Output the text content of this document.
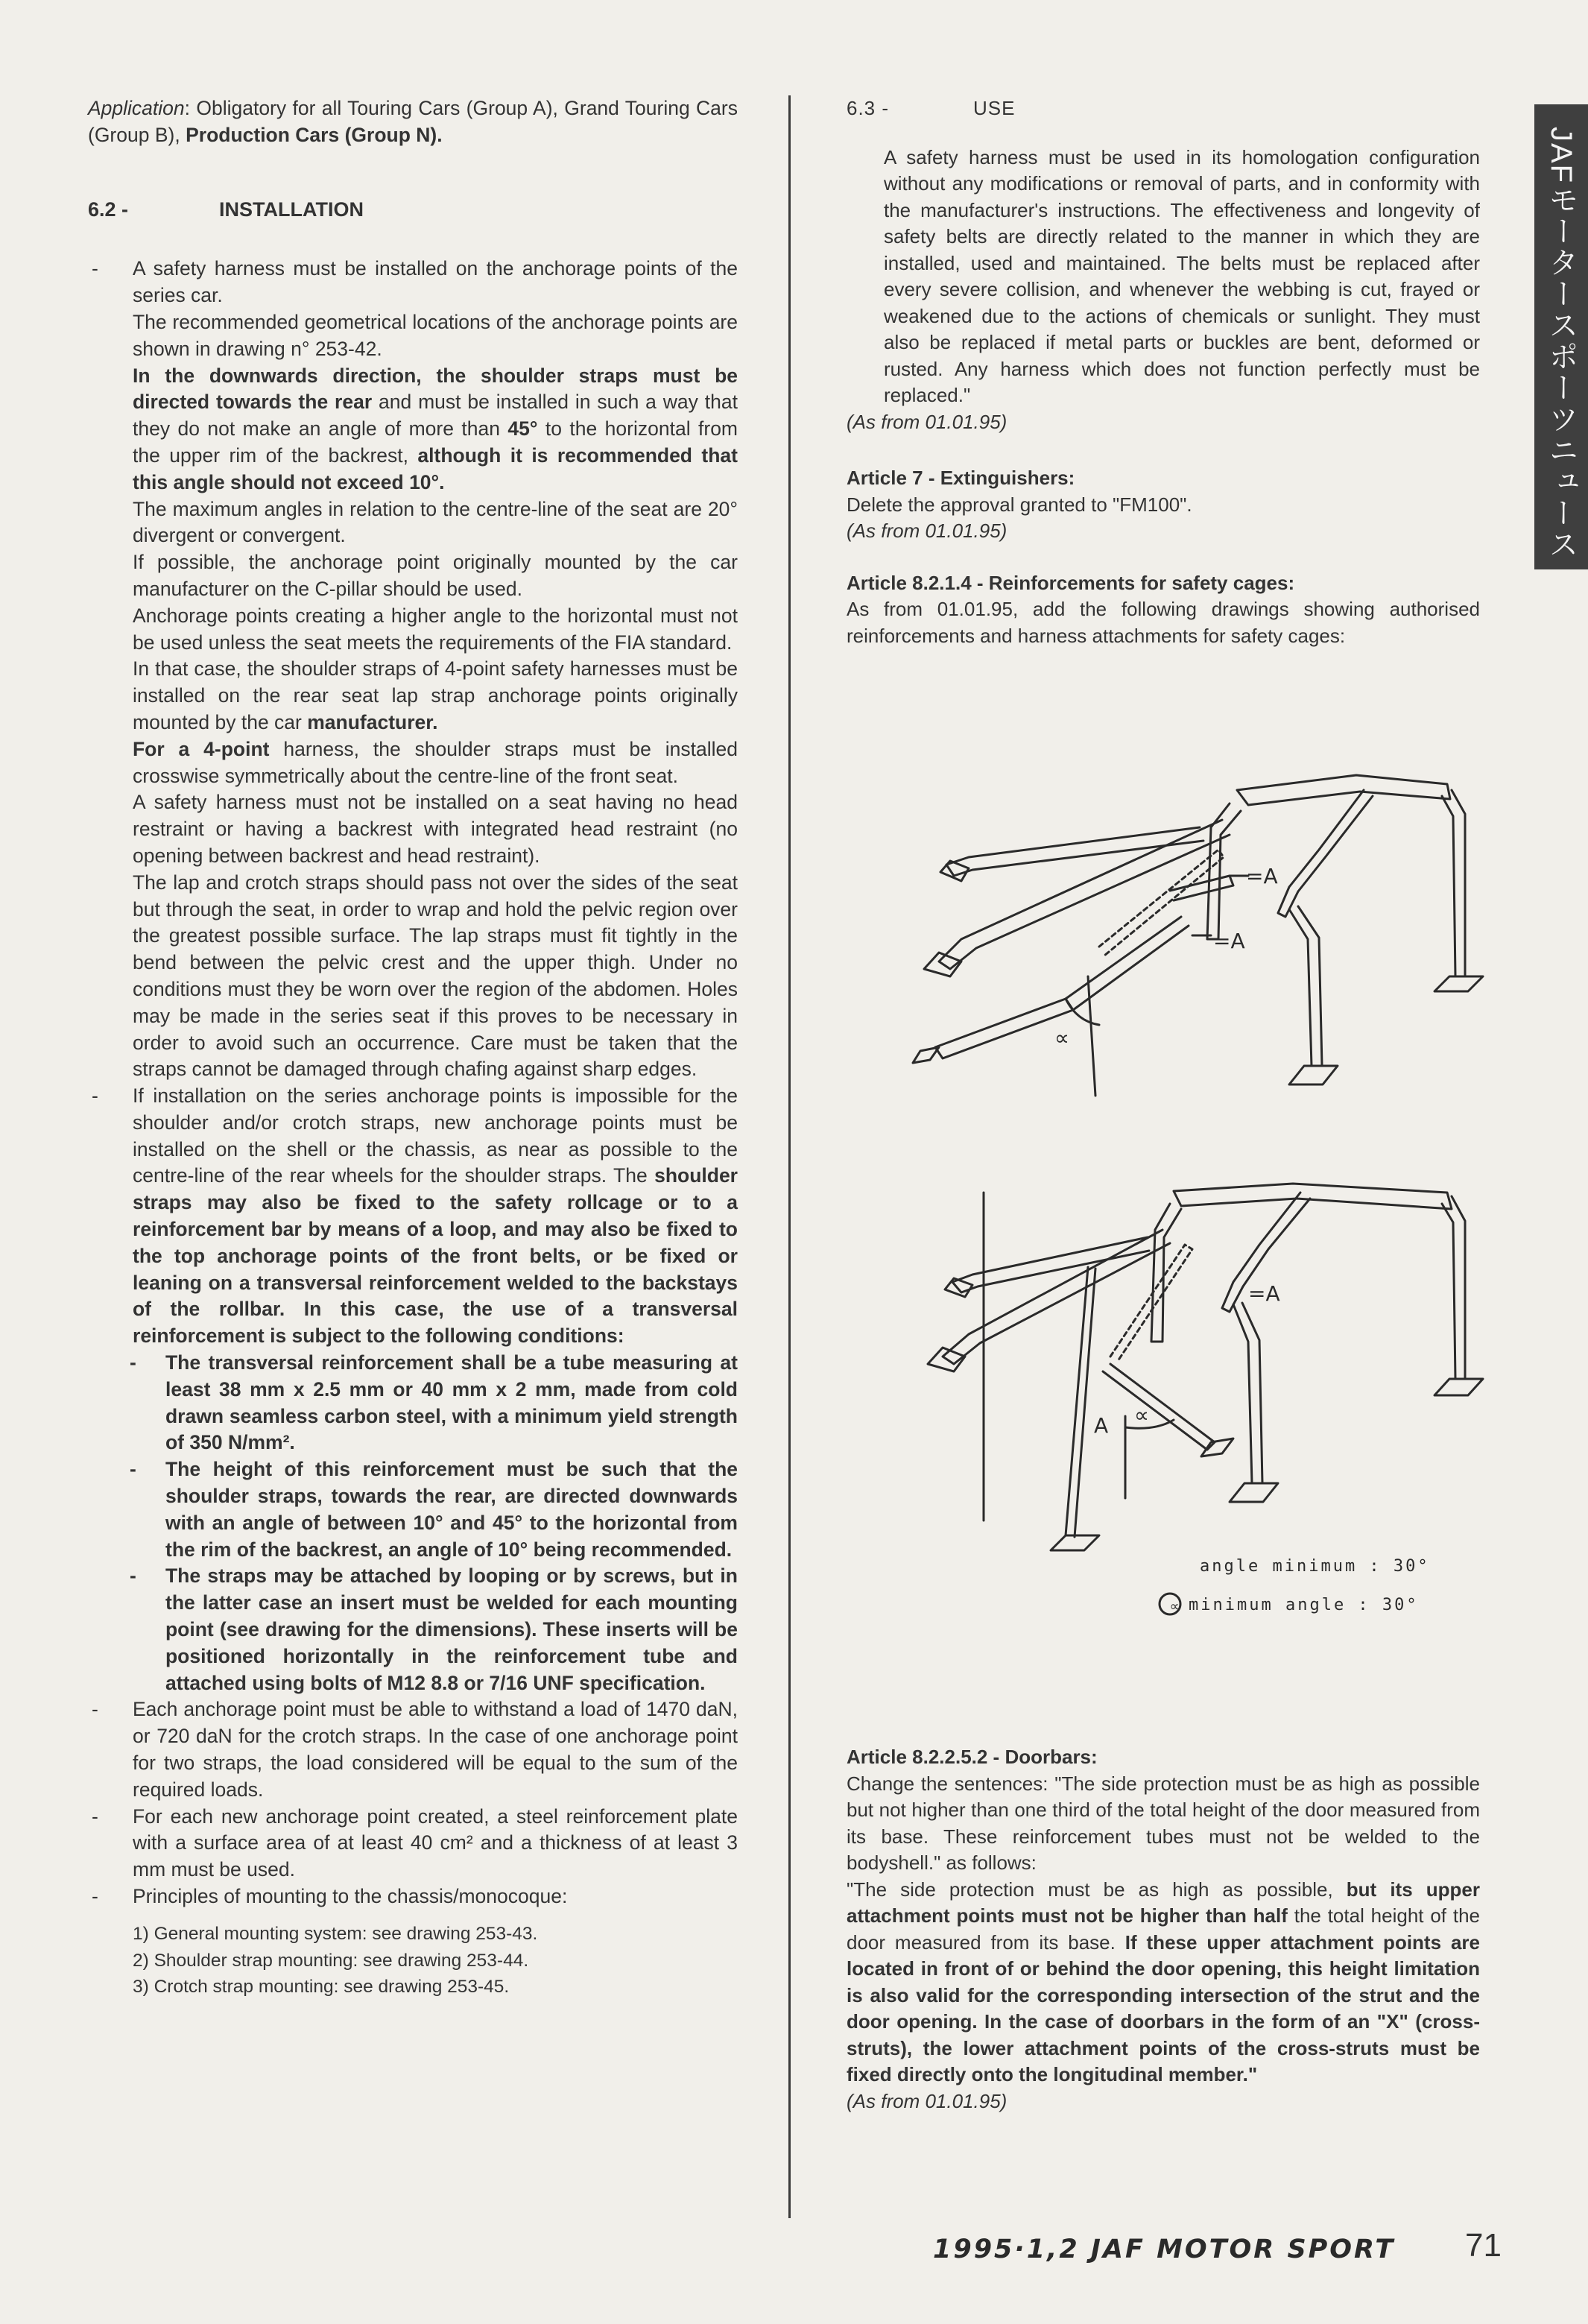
Application: Obligatory for all Touring Cars (Group A), Grand Touring Cars (Group B), Production Cars (Group N).

6.2 -	INSTALLATION

- A safety harness must be installed on the anchorage points of the series car.

The recommended geometrical locations of the anchorage points are shown in drawing n° 253-42.

In the downwards direction, the shoulder straps must be directed towards the rear and must be installed in such a way that they do not make an angle of more than 45° to the horizontal from the upper rim of the backrest, although it is recommended that this angle should not exceed 10°.

The maximum angles in relation to the centre-line of the seat are 20° divergent or convergent.

If possible, the anchorage point originally mounted by the car manufacturer on the C-pillar should be used.

Anchorage points creating a higher angle to the horizontal must not be used unless the seat meets the requirements of the FIA standard.

In that case, the shoulder straps of 4-point safety harnesses must be installed on the rear seat lap strap anchorage points originally mounted by the car manufacturer.

For a 4-point harness, the shoulder straps must be installed crosswise symmetrically about the centre-line of the front seat.

A safety harness must not be installed on a seat having no head restraint or having a backrest with integrated head restraint (no opening between backrest and head restraint).

The lap and crotch straps should pass not over the sides of the seat but through the seat, in order to wrap and hold the pelvic region over the greatest possible surface. The lap straps must fit tightly in the bend between the pelvic crest and the upper thigh. Under no conditions must they be worn over the region of the abdomen. Holes may be made in the series seat if this proves to be necessary in order to avoid such an occurrence. Care must be taken that the straps cannot be damaged through chafing against sharp edges.

- If installation on the series anchorage points is impossible for the shoulder and/or crotch straps, new anchorage points must be installed on the shell or the chassis, as near as possible to the centre-line of the rear wheels for the shoulder straps. The shoulder straps may also be fixed to the safety rollcage or to a reinforcement bar by means of a loop, and may also be fixed to the top anchorage points of the front belts, or be fixed or leaning on a transversal reinforcement welded to the backstays of the rollbar. In this case, the use of a transversal reinforcement is subject to the following conditions:

- The transversal reinforcement shall be a tube measuring at least 38 mm x 2.5 mm or 40 mm x 2 mm, made from cold drawn seamless carbon steel, with a minimum yield strength of 350 N/mm².
- The height of this reinforcement must be such that the shoulder straps, towards the rear, are directed downwards with an angle of between 10° and 45° to the horizontal from the rim of the backrest, an angle of 10° being recommended.
- The straps may be attached by looping or by screws, but in the latter case an insert must be welded for each mounting point (see drawing for the dimensions). These inserts will be positioned horizontally in the reinforcement tube and attached using bolts of M12 8.8 or 7/16 UNF specification.
- Each anchorage point must be able to withstand a load of 1470 daN, or 720 daN for the crotch straps. In the case of one anchorage point for two straps, the load considered will be equal to the sum of the required loads.
- For each new anchorage point created, a steel reinforcement plate with a surface area of at least 40 cm² and a thickness of at least 3 mm must be used.
- Principles of mounting to the chassis/monocoque:

1) General mounting system: see drawing 253-43.

2) Shoulder strap mounting: see drawing 253-44.

3) Crotch strap mounting: see drawing 253-45.

6.3 -	USE

A safety harness must be used in its homologation configuration without any modifications or removal of parts, and in conformity with the manufacturer's instructions. The effectiveness and longevity of safety belts are directly related to the manner in which they are installed, used and maintained. The belts must be replaced after every severe collision, and whenever the webbing is cut, frayed or weakened due to the actions of chemicals or sunlight. They must also be replaced if metal parts or buckles are bent, deformed or rusted. Any harness which does not function perfectly must be replaced."

(As from 01.01.95)

Article 7 - Extinguishers:

Delete the approval granted to "FM100".

(As from 01.01.95)

Article 8.2.1.4 - Reinforcements for safety cages:

As from 01.01.95, add the following drawings showing authorised reinforcements and harness attachments for safety cages:

=A
=A
∝
=A
A ∝
∝
angle minimum : 30°
minimum angle : 30°

Article 8.2.2.5.2 - Doorbars:

Change the sentences: "The side protection must be as high as possible but not higher than one third of the total height of the door measured from its base. These reinforcement tubes must not be welded to the bodyshell." as follows:

"The side protection must be as high as possible, but its upper attachment points must not be higher than half the total height of the door measured from its base. If these upper attachment points are located in front of or behind the door opening, this height limitation is also valid for the corresponding intersection of the strut and the door opening. In the case of doorbars in the form of an "X" (cross-struts), the lower attachment points of the cross-struts must be fixed directly onto the longitudinal member."

(As from 01.01.95)

JAFモータースポーツニュース
1995·1,2 JAF MOTOR SPORT 71
